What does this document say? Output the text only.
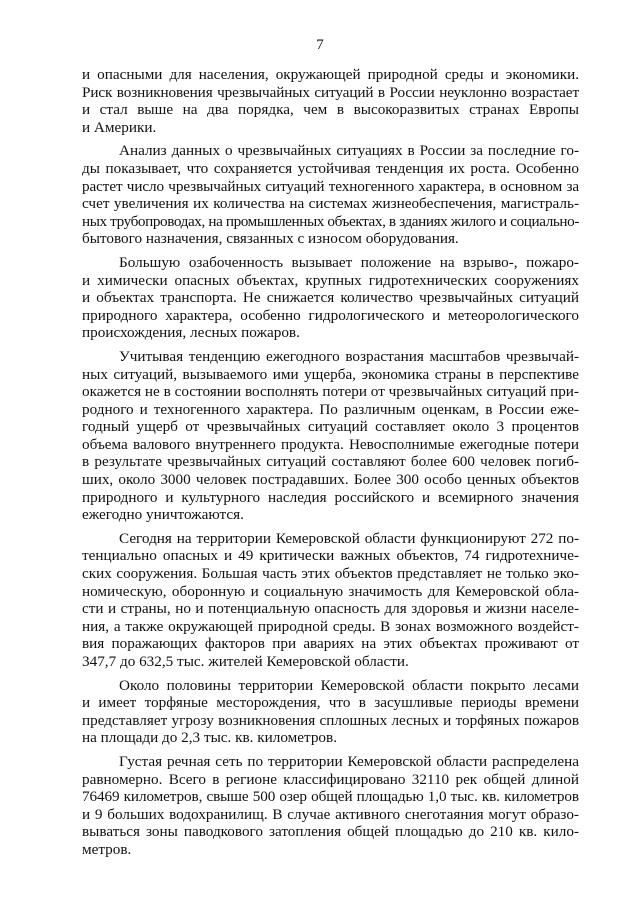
7

и опасными для населения, окружающей природной среды и экономики.
Риск возникновения чрезвычайных ситуаций в России неуклонно возрастает
и стал выше на два порядка, чем в высокоразвитых странах Европы
и Америки.

Анализ данных о чрезвычайных ситуациях в России за последние го-
ды показывает, что сохраняется устойчивая тенденция их роста. Особенно
растет число чрезвычайных ситуаций техногенного характера, в основном за
счет увеличения их количества на системах жизнеобеспечения, магистраль-
ных трубопроводах, на промышленных объектах, в зданиях жилого и социально-
бытового назначения, связанных с износом оборудования.

Большую озабоченность вызывает положение на взрыво-, пожаро-
и химически опасных объектах, крупных гидротехнических сооружениях
и объектах транспорта. Не снижается количество чрезвычайных ситуаций
природного характера, особенно гидрологического и метеорологического
происхождения, лесных пожаров.

Учитывая тенденцию ежегодного возрастания масштабов чрезвычай-
ных ситуаций, вызываемого ими ущерба, экономика страны в перспективе
окажется не в состоянии восполнять потери от чрезвычайных ситуаций при-
родного и техногенного характера. По различным оценкам, в России еже-
годный ущерб от чрезвычайных ситуаций составляет около 3 процентов
объема валового внутреннего продукта. Невосполнимые ежегодные потери
в результате чрезвычайных ситуаций составляют более 600 человек погиб-
ших, около 3000 человек пострадавших. Более 300 особо ценных объектов
природного и культурного наследия российского и всемирного значения
ежегодно уничтожаются.

Сегодня на территории Кемеровской области функционируют 272 по-
тенциально опасных и 49 критически важных объектов, 74 гидротехниче-
ских сооружения. Большая часть этих объектов представляет не только эко-
номическую, оборонную и социальную значимость для Кемеровской обла-
сти и страны, но и потенциальную опасность для здоровья и жизни населе-
ния, а также окружающей природной среды. В зонах возможного воздейст-
вия поражающих факторов при авариях на этих объектах проживают от
347,7 до 632,5 тыс. жителей Кемеровской области.

Около половины территории Кемеровской области покрыто лесами
и имеет торфяные месторождения, что в засушливые периоды времени
представляет угрозу возникновения сплошных лесных и торфяных пожаров
на площади до 2,3 тыс. кв. километров.

Густая речная сеть по территории Кемеровской области распределена
равномерно. Всего в регионе классифицировано 32110 рек общей длиной
76469 километров, свыше 500 озер общей площадью 1,0 тыс. кв. километров
и 9 больших водохранилищ. В случае активного снеготаяния могут образо-
вываться зоны паводкового затопления общей площадью до 210 кв. кило-
метров.
